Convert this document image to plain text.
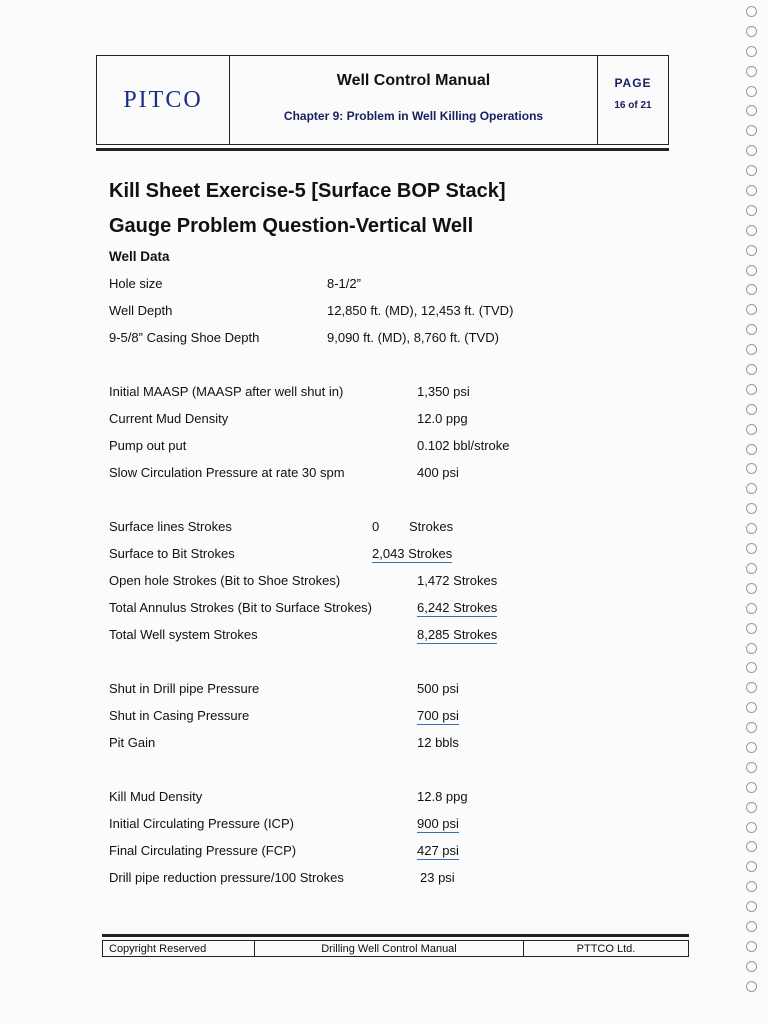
PITCO
Well Control Manual
Chapter 9: Problem in Well Killing Operations
PAGE
16 of 21
Kill Sheet Exercise-5 [Surface BOP Stack]
Gauge Problem Question-Vertical Well
Well Data
Hole size	8-1/2”
Well Depth	12,850 ft. (MD), 12,453 ft. (TVD)
9-5/8” Casing Shoe Depth	9,090 ft. (MD), 8,760 ft. (TVD)
Initial MAASP (MAASP after well shut in)	1,350 psi
Current Mud Density	12.0 ppg
Pump out put	0.102 bbl/stroke
Slow Circulation Pressure at rate 30 spm	400 psi
Surface lines Strokes	0 Strokes
Surface to Bit Strokes	2,043 Strokes
Open hole Strokes (Bit to Shoe Strokes)	1,472 Strokes
Total Annulus Strokes (Bit to Surface Strokes)	6,242 Strokes
Total Well system Strokes	8,285 Strokes
Shut in Drill pipe Pressure	500 psi
Shut in Casing Pressure	700 psi
Pit Gain	12 bbls
Kill Mud Density	12.8 ppg
Initial Circulating Pressure (ICP)	900 psi
Final Circulating Pressure (FCP)	427 psi
Drill pipe reduction pressure/100 Strokes	23 psi
Copyright Reserved	Drilling Well Control Manual	PTTCO Ltd.
